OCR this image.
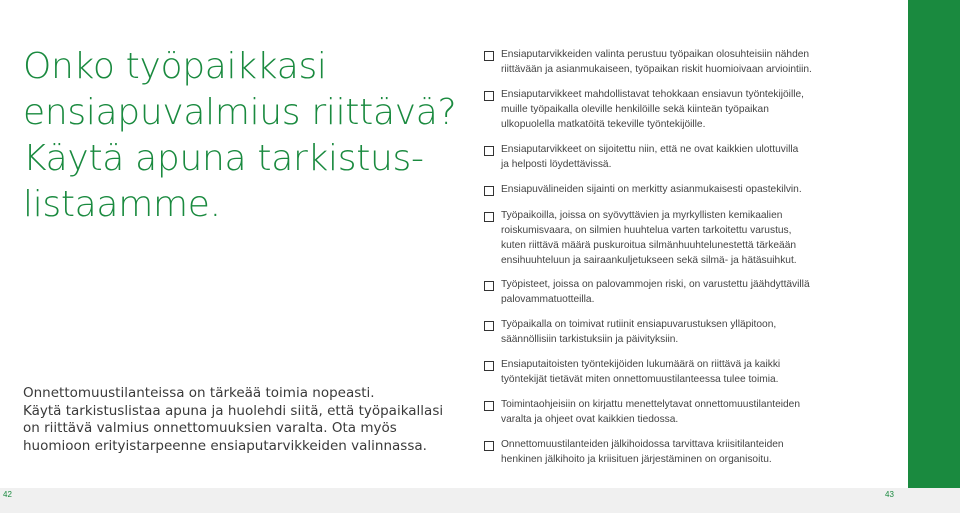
Onko työpaikkasi
ensiapuvalmius riittävä?
Käytä apuna tarkistus-
listaamme.

Onnettomuustilanteissa on tärkeää toimia nopeasti.
Käytä tarkistuslistaa apuna ja huolehdi siitä, että työpaikallasi
on riittävä valmius onnettomuuksien varalta. Ota myös
huomioon erityistarpeenne ensiaputarvikkeiden valinnassa.

Ensiaputarvikkeiden valinta perustuu työpaikan olosuhteisiin nähden
riittävään ja asianmukaiseen, työpaikan riskit huomioivaan arviointiin.
Ensiaputarvikkeet mahdollistavat tehokkaan ensiavun työntekijöille,
muille työpaikalla oleville henkilöille sekä kiinteän työpaikan
ulkopuolella matkatöitä tekeville työntekijöille.
Ensiaputarvikkeet on sijoitettu niin, että ne ovat kaikkien ulottuvilla
ja helposti löydettävissä.
Ensiapuvälineiden sijainti on merkitty asianmukaisesti opastekilvin.
Työpaikoilla, joissa on syövyttävien ja myrkyllisten kemikaalien
roiskumisvaara, on silmien huuhtelua varten tarkoitettu varustus,
kuten riittävä määrä puskuroitua silmänhuuhtelunestettä tärkeään
ensihuuhteluun ja sairaankuljetukseen sekä silmä- ja hätäsuihkut.
Työpisteet, joissa on palovammojen riski, on varustettu jäähdyttävillä
palovammatuotteilla.
Työpaikalla on toimivat rutiinit ensiapuvarustuksen ylläpitoon,
säännöllisiin tarkistuksiin ja päivityksiin.
Ensiaputaitoisten työntekijöiden lukumäärä on riittävä ja kaikki
työntekijät tietävät miten onnettomuustilanteessa tulee toimia.
Toimintaohjeisiin on kirjattu menettelytavat onnettomuustilanteiden
varalta ja ohjeet ovat kaikkien tiedossa.
Onnettomuustilanteiden jälkihoidossa tarvittava kriisitilanteiden
henkinen jälkihoito ja kriisituen järjestäminen on organisoitu.
42	43
